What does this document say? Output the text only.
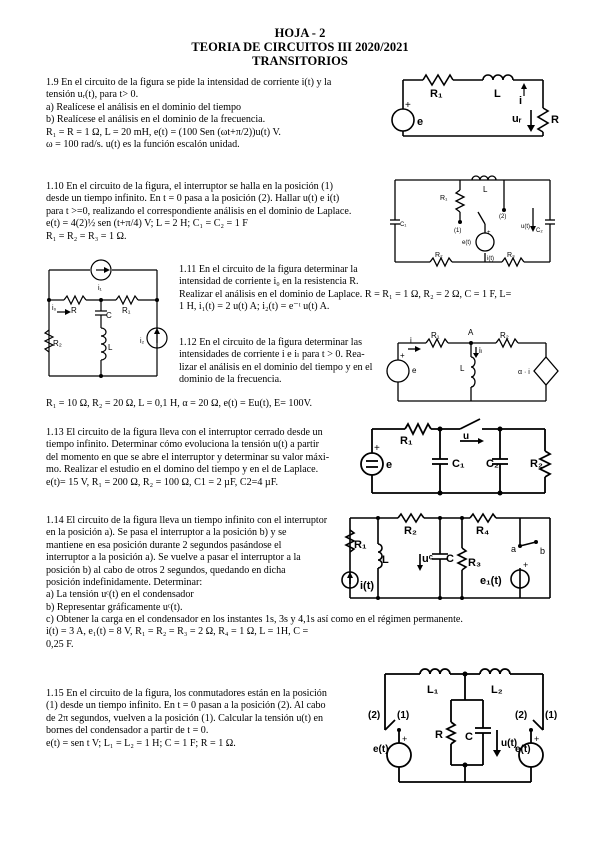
HOJA - 2
TEORIA DE CIRCUITOS III 2020/2021
TRANSITORIOS

1.9 En el circuito de la figura se pide la intensidad de corriente i(t) y la

tensión uᵣ(t), para t> 0.

a) Realícese el análisis en el dominio del tiempo

b) Realícese el análisis en el dominio de la frecuencia.

R₁ = R = 1 Ω, L = 20 mH, e(t) = (100 Sen (ωt+π/2))u(t) V.

ω = 100 rad/s. u(t) es la función escalón unidad.

R₁	L
i
uᵣ	R
e
+

1.10 En el circuito de la figura, el interruptor se halla en la posición (1)

desde un tiempo infinito. En t = 0 pasa a la posición (2). Hallar u(t) e i(t)

para t >=0, realizando el correspondiente análisis en el dominio de Laplace.

e(t) = 4(2)½ sen (t+π/4) V; L = 2 H; C₁ = C₂ = 1 F

R₁ = R₂ = R₃ = 1 Ω.

R₁
L
C₁
C₂
R₂	R₃
e(t)
i(t)
u(t)
(1)
(2)
+
i₁
i₂
i₀ R	R₁
C
R₂	L

1.11 En el circuito de la figura determinar la

intensidad de corriente i₀ en la resistencia R.

Realizar el análisis en el dominio de Laplace. R = R₁ = 1 Ω, R₂ = 2 Ω, C = 1 F, L=

1 H, i₁(t) = 2 u(t) A; i₂(t) = e⁻ᵗ u(t) A.

1.12 En el circuito de la figura determinar las

intensidades de corriente i e iₗ para t > 0. Rea-

lizar el análisis en el dominio del tiempo y en el

dominio de la frecuencia.

R₁ = 10 Ω, R₂ = 20 Ω, L = 0,1 H, α = 20 Ω, e(t) = Eu(t), E= 100V.

A
i
R₁
iₗ
R₂
L
e	α · i
+

1.13 El circuito de la figura lleva con el interruptor cerrado desde un

tiempo infinito. Determinar cómo evoluciona la tensión u(t) a partir

del momento en que se abre el interruptor y determinar su valor máxi-

mo. Realizar el estudio en el domino del tiempo y en el de Laplace.

e(t)= 15 V, R₁ = 200 Ω, R₂ = 100 Ω, C1 = 2 µF, C2=4 µF.

R₁	u
C₁ C₂	R₂
e
+

1.14 El circuito de la figura lleva un tiempo infinito con el interruptor

en la posición a). Se pasa el interruptor a la posición b) y se

mantiene en esa posición durante 2 segundos pasándose el

interruptor a la posición a). Se vuelve a pasar el interruptor a la

posición b) al cabo de otros 2 segundos, quedando en dicha

posición indefinidamente. Determinar:

a) La tensión uᶜ(t) en el condensador

b) Representar gráficamente uᶜ(t).

c) Obtener la carga en el condensador en los instantes 1s, 3s y 4,1s así como en el régimen permanente.

i(t) = 3 A, e₁(t) = 8 V, R₁ = R₂ = R₃ = 2 Ω, R₄ = 1 Ω, L = 1H, C =

0,25 F.

R₁
R₂	R₄
L	uᶜ C R₃
i(t)	e₁(t)
a	b
+

1.15 En el circuito de la figura, los conmutadores están en la posición

(1) desde un tiempo infinito. En t = 0 pasan a la posición (2). Al cabo

de 2π segundos, vuelven a la posición (1). Calcular la tensión u(t) en

bornes del condensador a partir de t = 0.

e(t) = sen t V; L₁ = L₂ = 1 H; C = 1 F; R = 1 Ω.

L₁	L₂
R C
u(t)
e(t)	e(t)
(2) (1)	(2) (1)
+	+
